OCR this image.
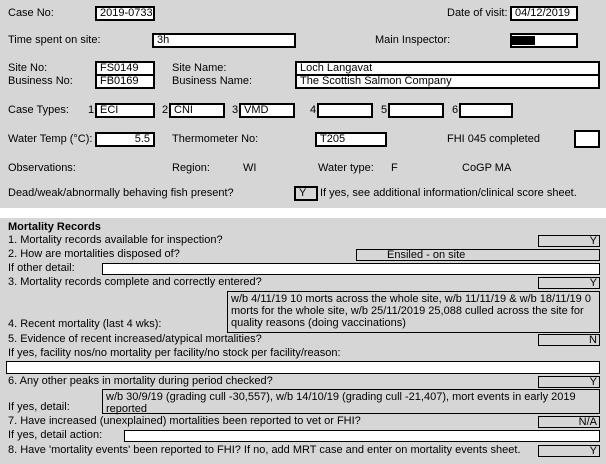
Case No:	2019-0733	Date of visit: 04/12/2019
Time spent on site:	3h	Main Inspector:
Site No:	FS0149	Site Name:	Loch Langavat
Business No:	FB0169	Business Name:	The Scottish Salmon Company
Case Types: 1 ECI	2 CNI	3 VMD	4	5	6
Water Temp (°C):	5.5	Thermometer No:	T205	FHI 045 completed
Observations:	Region:	WI	Water type: F	CoGP MA
Dead/weak/abnormally behaving fish present?	Y	If yes, see additional information/clinical score sheet.
Mortality Records
1. Mortality records available for inspection?	Y
2. How are mortalities disposed of?	Ensiled - on site
If other detail:
3. Mortality records complete and correctly entered?	Y
w/b 4/11/19 10 morts across the whole site, w/b 11/11/19 & w/b 18/11/19 0 morts for the whole site, w/b 25/11/2019 25,088 culled across the site for quality reasons (doing vaccinations)
4. Recent mortality (last 4 wks):
5. Evidence of recent increased/atypical mortalities?	N
If yes, facility nos/no mortality per facility/no stock per facility/reason:
6. Any other peaks in mortality during period checked?	Y
w/b 30/9/19 (grading cull -30,557), w/b 14/10/19 (grading cull -21,407), mort events in early 2019 reported
If yes, detail:
7. Have increased (unexplained) mortalities been reported to vet or FHI?	N/A
If yes, detail action:
8. Have 'mortality events' been reported to FHI? If no, add MRT case and enter on mortality events sheet.	Y
